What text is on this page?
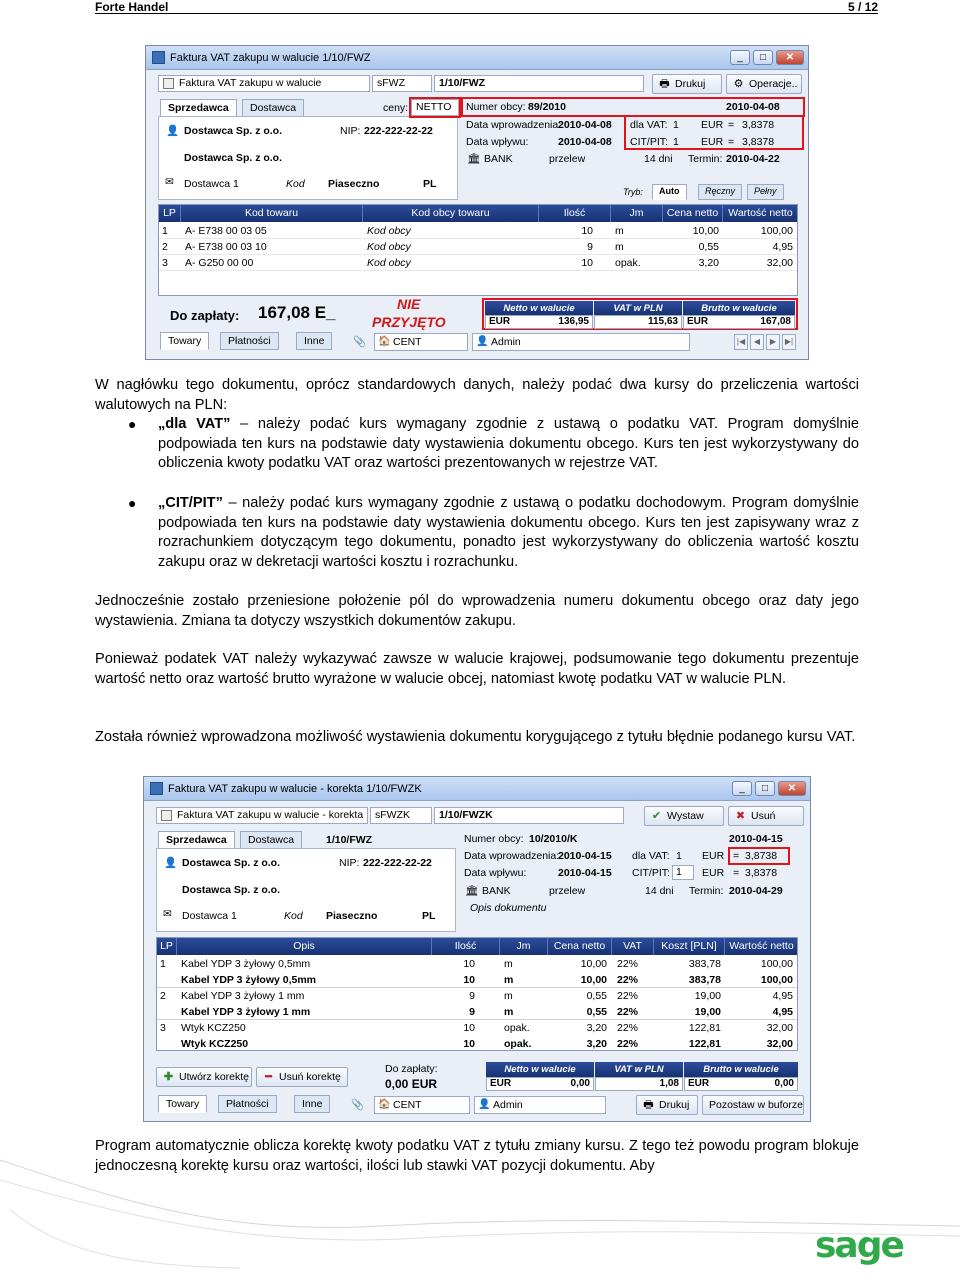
Forte Handel	5 / 12
Faktura VAT zakupu w walucie 1/10/FWZ	_	□	✕
Faktura VAT zakupu w walucie	sFWZ	1/10/FWZ	🖶 Drukuj	⚙ Operacje..
Sprzedawca	Dostawca	ceny: NETTO
👤 Dostawca Sp. z o.o.	NIP: 222-222-22-22
Dostawca Sp. z o.o.
✉ Dostawca 1	Kod Piaseczno	PL
Numer obcy: 89/2010	2010-04-08
Data wprowadzenia:
2010-04-08
Data wpływu:	2010-04-08
🏛 BANK	przelew	14 dni Termin: 2010-04-22
dla VAT: 1 EUR = 3,8378
CIT/PIT: 1 EUR = 3,8378
Tryb:	Auto	Ręczny	Pełny
LP	Kod towaru	Kod obcy towaru	Ilość	Jm	Cena netto Wartość netto
1	A- E738 00 03 05	Kod obcy	10 m	10,00	100,00
2	A- E738 00 03 10	Kod obcy	9 m	0,55	4,95
3	A- G250 00 00	Kod obcy	10 opak.	3,20	32,00
Do zapłaty: 167,08 E_	NIE
PRZYJĘTO
Netto w walucie	VAT w PLN	Brutto w walucie
EUR	136,95	115,63 EUR	167,08
Towary	Płatności	Inne	📎 🏠 CENT	👤 Admin	|◀	◀	▶	▶|
W nagłówku tego dokumentu, oprócz standardowych danych, należy podać dwa kursy do przeliczenia wartości walutowych na PLN:
● „dla VAT” – należy podać kurs wymagany zgodnie z ustawą o podatku VAT. Program domyślnie podpowiada ten kurs na podstawie daty wystawienia dokumentu obcego. Kurs ten jest wykorzystywany do obliczenia kwoty podatku VAT oraz wartości prezentowanych w rejestrze VAT.
● „CIT/PIT” – należy podać kurs wymagany zgodnie z ustawą o podatku dochodowym. Program domyślnie podpowiada ten kurs na podstawie daty wystawienia dokumentu obcego. Kurs ten jest zapisywany wraz z rozrachunkiem dotyczącym tego dokumentu, ponadto jest wykorzystywany do obliczenia wartość kosztu zakupu oraz w dekretacji wartości kosztu i rozrachunku.
Jednocześnie zostało przeniesione położenie pól do wprowadzenia numeru dokumentu obcego oraz daty jego wystawienia. Zmiana ta dotyczy wszystkich dokumentów zakupu.
Ponieważ podatek VAT należy wykazywać zawsze w walucie krajowej, podsumowanie tego dokumentu prezentuje wartość netto oraz wartość brutto wyrażone w walucie obcej, natomiast kwotę podatku VAT w walucie PLN.
Została również wprowadzona możliwość wystawienia dokumentu korygującego z tytułu błędnie podanego kursu VAT.
Faktura VAT zakupu w walucie - korekta 1/10/FWZK	_	□	✕
Faktura VAT zakupu w walucie - korekta	sFWZK	1/10/FWZK	✔ Wystaw	✖ Usuń
Sprzedawca	Dostawca	1/10/FWZ
👤 Dostawca Sp. z o.o.	NIP: 222-222-22-22
Dostawca Sp. z o.o.
✉ Dostawca 1	Kod Piaseczno	PL
Numer obcy: 10/2010/K	2010-04-15
Data wprowadzenia:
2010-04-15
Data wpływu:	2010-04-15
🏛 BANK	przelew	14 dni Termin: 2010-04-29
Opis dokumentu
dla VAT: 1 EUR = 3,8738
CIT/PIT: 1	EUR = 3,8378
LP	Opis	Ilość	Jm	Cena netto	VAT	Koszt [PLN]	Wartość netto
1	Kabel YDP 3 żyłowy 0,5mm	10	m	10,00 22%	383,78	100,00
Kabel YDP 3 żyłowy 0,5mm	10	m	10,00 22%	383,78	100,00
2	Kabel YDP 3 żyłowy 1 mm	9	m	0,55 22%	19,00	4,95
Kabel YDP 3 żyłowy 1 mm	9	m	0,55 22%	19,00	4,95
3	Wtyk KCZ250	10	opak.	3,20 22%	122,81	32,00
Wtyk KCZ250	10	opak.	3,20 22%	122,81	32,00
✚ Utwórz korektę ━ Usuń korektę
Do zapłaty:
0,00 EUR
Netto w walucie	VAT w PLN	Brutto w walucie
EUR	0,00	1,08 EUR	0,00
Towary	Płatności	Inne	📎 🏠 CENT	👤 Admin	🖶 Drukuj	Pozostaw w buforze
Program automatycznie oblicza korektę kwoty podatku VAT z tytułu zmiany kursu. Z tego też powodu program blokuje jednoczesną korektę kursu oraz wartości, ilości lub stawki VAT pozycji dokumentu. Aby
sage
